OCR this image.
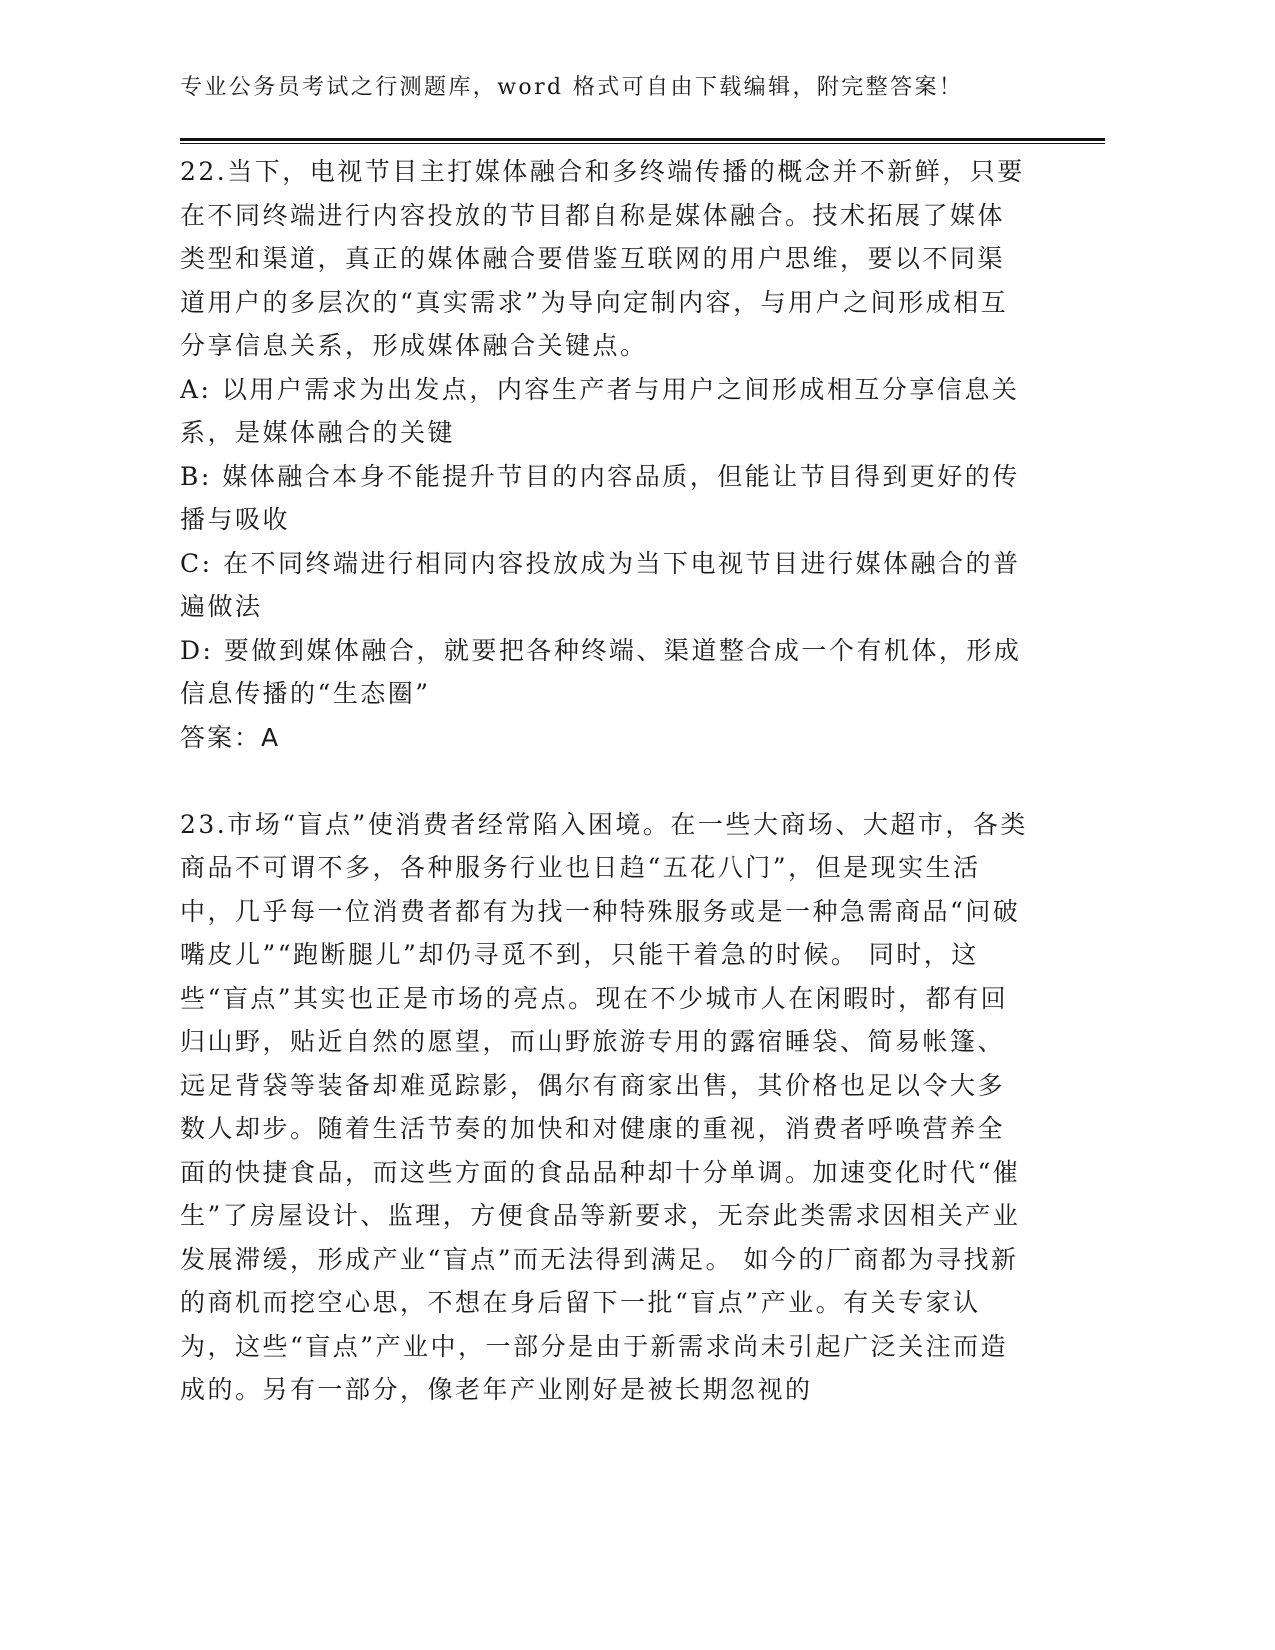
专业公务员考试之行测题库，word 格式可自由下载编辑，附完整答案！

22.当下，电视节目主打媒体融合和多终端传播的概念并不新鲜，只要在不同终端进行内容投放的节目都自称是媒体融合。技术拓展了媒体类型和渠道，真正的媒体融合要借鉴互联网的用户思维，要以不同渠道用户的多层次的“真实需求”为导向定制内容，与用户之间形成相互分享信息关系，形成媒体融合关键点。

A: 以用户需求为出发点，内容生产者与用户之间形成相互分享信息关系，是媒体融合的关键

B: 媒体融合本身不能提升节目的内容品质，但能让节目得到更好的传播与吸收

C: 在不同终端进行相同内容投放成为当下电视节目进行媒体融合的普遍做法

D: 要做到媒体融合，就要把各种终端、渠道整合成一个有机体，形成信息传播的“生态圈”

答案：A

23.市场“盲点”使消费者经常陷入困境。在一些大商场、大超市，各类商品不可谓不多，各种服务行业也日趋“五花八门”，但是现实生活中，几乎每一位消费者都有为找一种特殊服务或是一种急需商品“问破嘴皮儿”“跑断腿儿”却仍寻觅不到，只能干着急的时候。 同时，这些“盲点”其实也正是市场的亮点。现在不少城市人在闲暇时，都有回归山野，贴近自然的愿望，而山野旅游专用的露宿睡袋、简易帐篷、远足背袋等装备却难觅踪影，偶尔有商家出售，其价格也足以令大多数人却步。随着生活节奏的加快和对健康的重视，消费者呼唤营养全面的快捷食品，而这些方面的食品品种却十分单调。加速变化时代“催生”了房屋设计、监理，方便食品等新要求，无奈此类需求因相关产业发展滞缓，形成产业“盲点”而无法得到满足。 如今的厂商都为寻找新的商机而挖空心思，不想在身后留下一批“盲点”产业。有关专家认为，这些“盲点”产业中，一部分是由于新需求尚未引起广泛关注而造成的。另有一部分，像老年产业刚好是被长期忽视的
